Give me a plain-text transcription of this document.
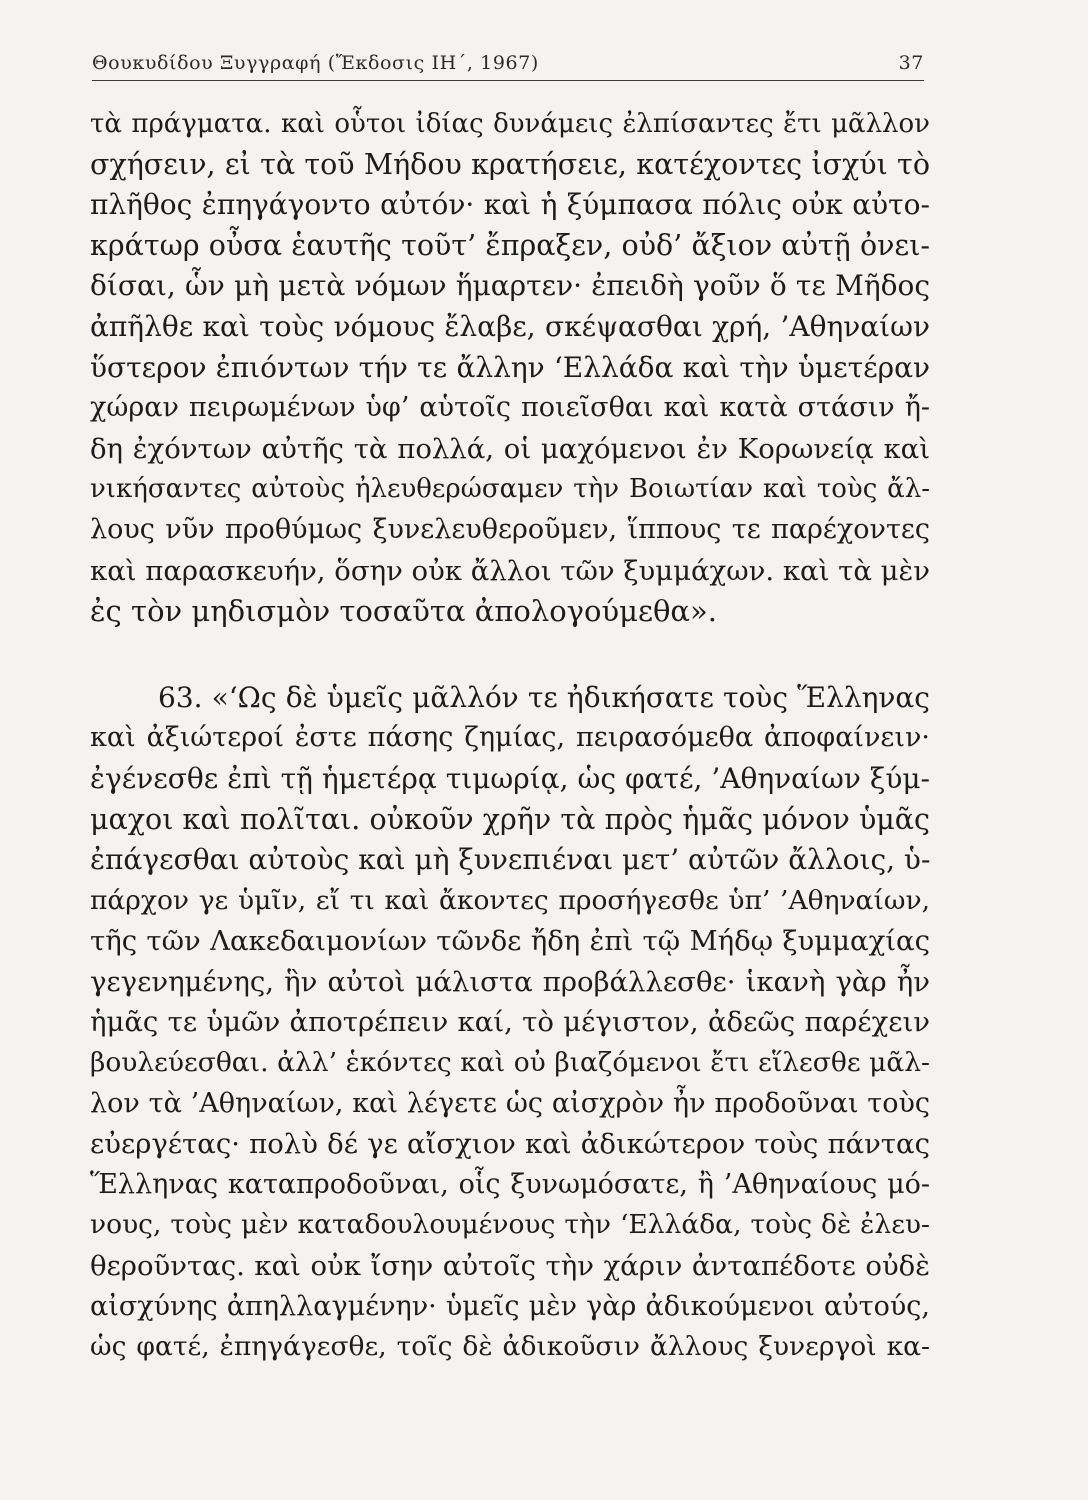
Θουκυδίδου Ξυγγραφή (Ἔκδοσις ΙΗ΄, 1967)	37
τὰ πράγματα. καὶ οὗτοι ἰδίας δυνάμεις ἐλπίσαντες ἔτι μᾶλλον
σχήσειν, εἰ τὰ τοῦ Μήδου κρατήσειε, κατέχοντες ἰσχύι τὸ
πλῆθος ἐπηγάγοντο αὐτόν· καὶ ἡ ξύμπασα πόλις οὐκ αὐτο-
κράτωρ οὖσα ἑαυτῆς τοῦτ’ ἔπραξεν, οὐδ’ ἄξιον αὐτῇ ὀνει-
δίσαι, ὧν μὴ μετὰ νόμων ἥμαρτεν· ἐπειδὴ γοῦν ὅ τε Μῆδος
ἀπῆλθε καὶ τοὺς νόμους ἔλαβε, σκέψασθαι χρή, ’Αθηναίων
ὕστερον ἐπιόντων τήν τε ἄλλην ‘Ελλάδα καὶ τὴν ὑμετέραν
χώραν πειρωμένων ὑφ’ αὑτοῖς ποιεῖσθαι καὶ κατὰ στάσιν ἤ-
δη ἐχόντων αὐτῆς τὰ πολλά, οἱ μαχόμενοι ἐν Κορωνείᾳ καὶ
νικήσαντες αὐτοὺς ἠλευθερώσαμεν τὴν Βοιωτίαν καὶ τοὺς ἄλ-
λους νῦν προθύμως ξυνελευθεροῦμεν, ἵππους τε παρέχοντες
καὶ παρασκευήν, ὅσην οὐκ ἄλλοι τῶν ξυμμάχων. καὶ τὰ μὲν
ἐς τὸν μηδισμὸν τοσαῦτα ἀπολογούμεθα».
63. «‘Ως δὲ ὑμεῖς μᾶλλόν τε ἠδικήσατε τοὺς Ἕλληνας
καὶ ἀξιώτεροί ἐστε πάσης ζημίας, πειρασόμεθα ἀποφαίνειν·
ἐγένεσθε ἐπὶ τῇ ἡμετέρᾳ τιμωρίᾳ, ὡς φατέ, ’Αθηναίων ξύμ-
μαχοι καὶ πολῖται. οὐκοῦν χρῆν τὰ πρὸς ἡμᾶς μόνον ὑμᾶς
ἐπάγεσθαι αὐτοὺς καὶ μὴ ξυνεπιέναι μετ’ αὐτῶν ἄλλοις, ὑ-
πάρχον γε ὑμῖν, εἴ τι καὶ ἄκοντες προσήγεσθε ὑπ’ ’Αθηναίων,
τῆς τῶν Λακεδαιμονίων τῶνδε ἤδη ἐπὶ τῷ Μήδῳ ξυμμαχίας
γεγενημένης, ἣν αὐτοὶ μάλιστα προβάλλεσθε· ἱκανὴ γὰρ ἦν
ἡμᾶς τε ὑμῶν ἀποτρέπειν καί, τὸ μέγιστον, ἀδεῶς παρέχειν
βουλεύεσθαι. ἀλλ’ ἑκόντες καὶ οὐ βιαζόμενοι ἔτι εἵλεσθε μᾶλ-
λον τὰ ’Αθηναίων, καὶ λέγετε ὡς αἰσχρὸν ἦν προδοῦναι τοὺς
εὐεργέτας· πολὺ δέ γε αἴσχιον καὶ ἀδικώτερον τοὺς πάντας
Ἕλληνας καταπροδοῦναι, οἷς ξυνωμόσατε, ἢ ’Αθηναίους μό-
νους, τοὺς μὲν καταδουλουμένους τὴν ‘Ελλάδα, τοὺς δὲ ἐλευ-
θεροῦντας. καὶ οὐκ ἴσην αὐτοῖς τὴν χάριν ἀνταπέδοτε οὐδὲ
αἰσχύνης ἀπηλλαγμένην· ὑμεῖς μὲν γὰρ ἀδικούμενοι αὐτούς,
ὡς φατέ, ἐπηγάγεσθε, τοῖς δὲ ἀδικοῦσιν ἄλλους ξυνεργοὶ κα-
